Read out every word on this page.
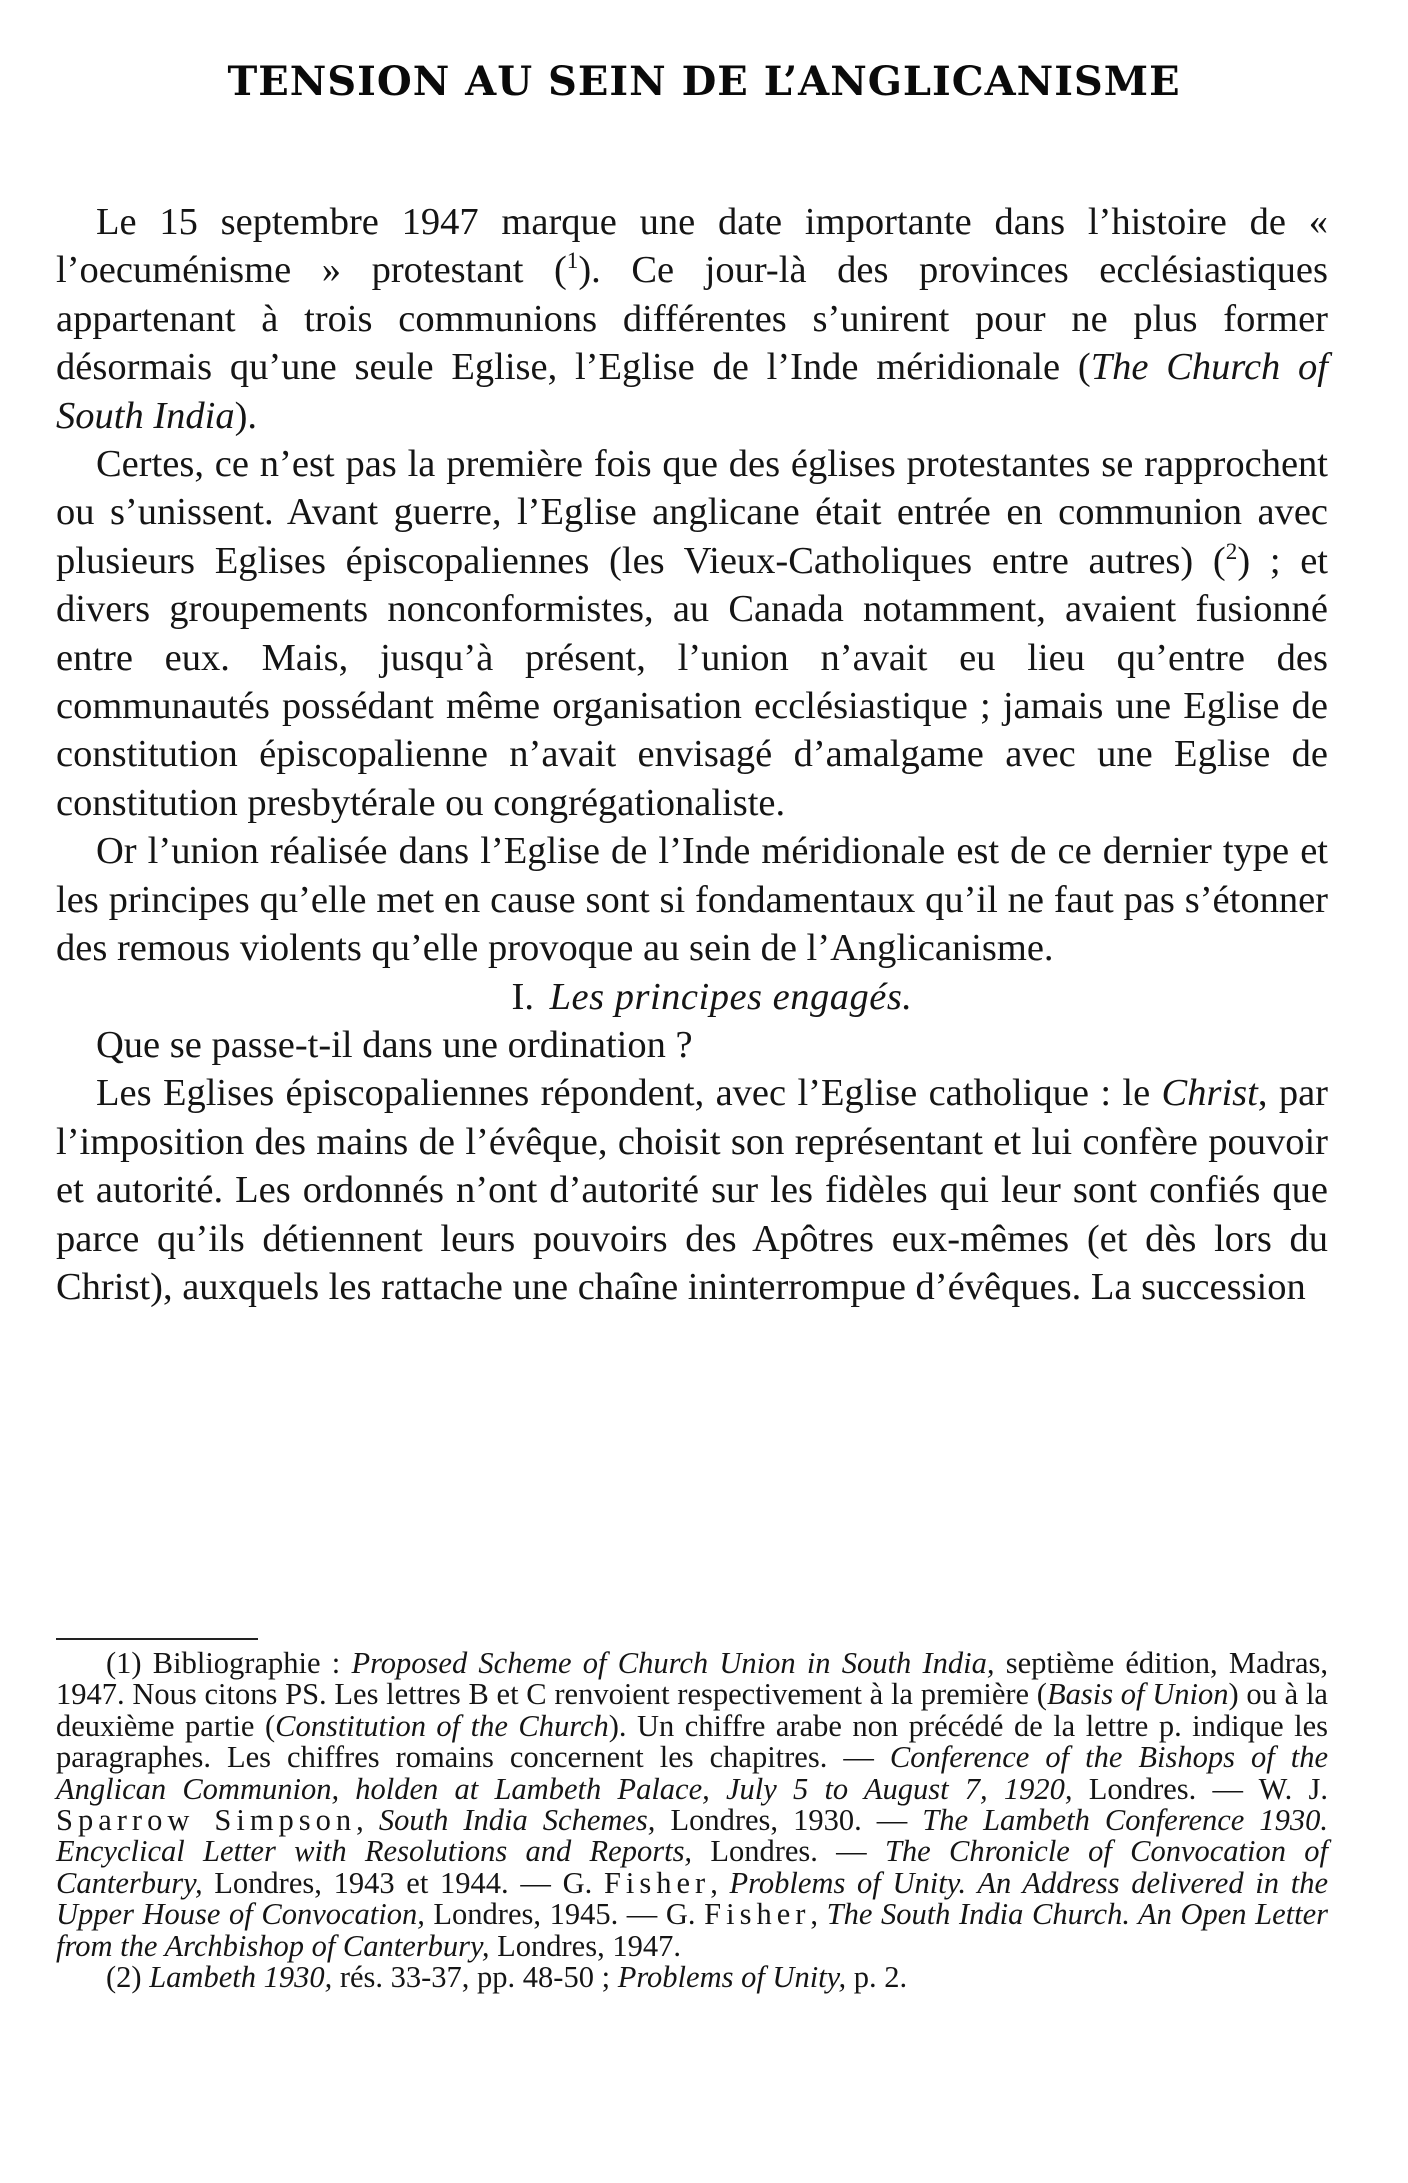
TENSION AU SEIN DE L’ANGLICANISME

Le 15 septembre 1947 marque une date importante dans l’histoire de « l’oecuménisme » protestant ($^1$). Ce jour-là des provinces ecclésiastiques appartenant à trois communions différentes s’unirent pour ne plus former désormais qu’une seule Eglise, l’Eglise de l’Inde méridionale (The Church of South India).

Certes, ce n’est pas la première fois que des églises protestantes se rapprochent ou s’unissent. Avant guerre, l’Eglise anglicane était entrée en communion avec plusieurs Eglises épiscopaliennes (les Vieux-Catholiques entre autres) ($^2$) ; et divers groupements nonconformistes, au Canada notamment, avaient fusionné entre eux. Mais, jusqu’à présent, l’union n’avait eu lieu qu’entre des communautés possédant même organisation ecclésiastique ; jamais une Eglise de constitution épiscopalienne n’avait envisagé d’amalgame avec une Eglise de constitution presbytérale ou congrégationaliste.

Or l’union réalisée dans l’Eglise de l’Inde méridionale est de ce dernier type et les principes qu’elle met en cause sont si fondamentaux qu’il ne faut pas s’étonner des remous violents qu’elle provoque au sein de l’Anglicanisme.

I. Les principes engagés.

Que se passe-t-il dans une ordination ?

Les Eglises épiscopaliennes répondent, avec l’Eglise catholique : le Christ, par l’imposition des mains de l’évêque, choisit son représentant et lui confère pouvoir et autorité. Les ordonnés n’ont d’autorité sur les fidèles qui leur sont confiés que parce qu’ils détiennent leurs pouvoirs des Apôtres eux-mêmes (et dès lors du Christ), auxquels les rattache une chaîne ininterrompue d’évêques. La succession

(1) Bibliographie : Proposed Scheme of Church Union in South India, septième édition, Madras, 1947. Nous citons PS. Les lettres B et C renvoient respectivement à la première (Basis of Union) ou à la deuxième partie (Constitution of the Church). Un chiffre arabe non précédé de la lettre p. indique les paragraphes. Les chiffres romains concernent les chapitres. — Conference of the Bishops of the Anglican Communion, holden at Lambeth Palace, July 5 to August 7, 1920, Londres. — W. J. Sparrow Simpson, South India Schemes, Londres, 1930. — The Lambeth Conference 1930. Encyclical Letter with Resolutions and Reports, Londres. — The Chronicle of Convocation of Canterbury, Londres, 1943 et 1944. — G. Fisher, Problems of Unity. An Address delivered in the Upper House of Convocation, Londres, 1945. — G. Fisher, The South India Church. An Open Letter from the Archbishop of Canterbury, Londres, 1947.

(2) Lambeth 1930, rés. 33-37, pp. 48-50 ; Problems of Unity, p. 2.
